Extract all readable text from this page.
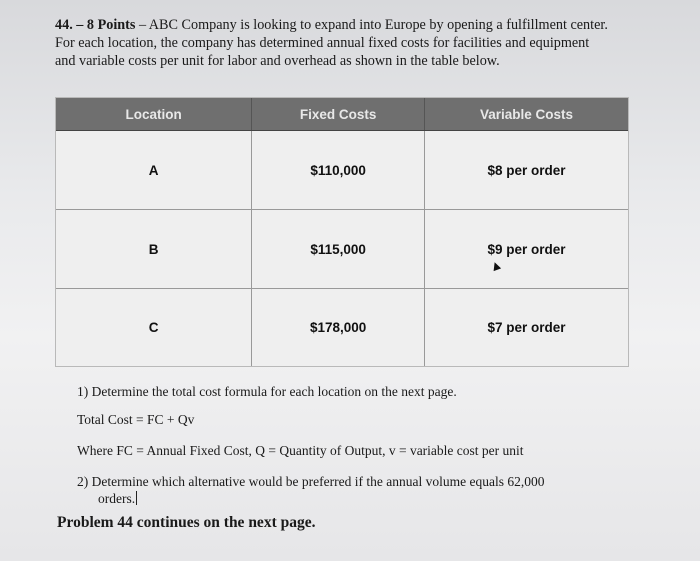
44. – 8 Points – ABC Company is looking to expand into Europe by opening a fulfillment center.

For each location, the company has determined annual fixed costs for facilities and equipment

and variable costs per unit for labor and overhead as shown in the table below.

Location	Fixed Costs	Variable Costs
A	$110,000	$8 per order
B	$115,000	$9 per order

C	$178,000	$7 per order
1) Determine the total cost formula for each location on the next page.
Total Cost = FC + Qv
Where FC = Annual Fixed Cost, Q = Quantity of Output, v = variable cost per unit
2) Determine which alternative would be preferred if the annual volume equals 62,000
orders.
Problem 44 continues on the next page.
